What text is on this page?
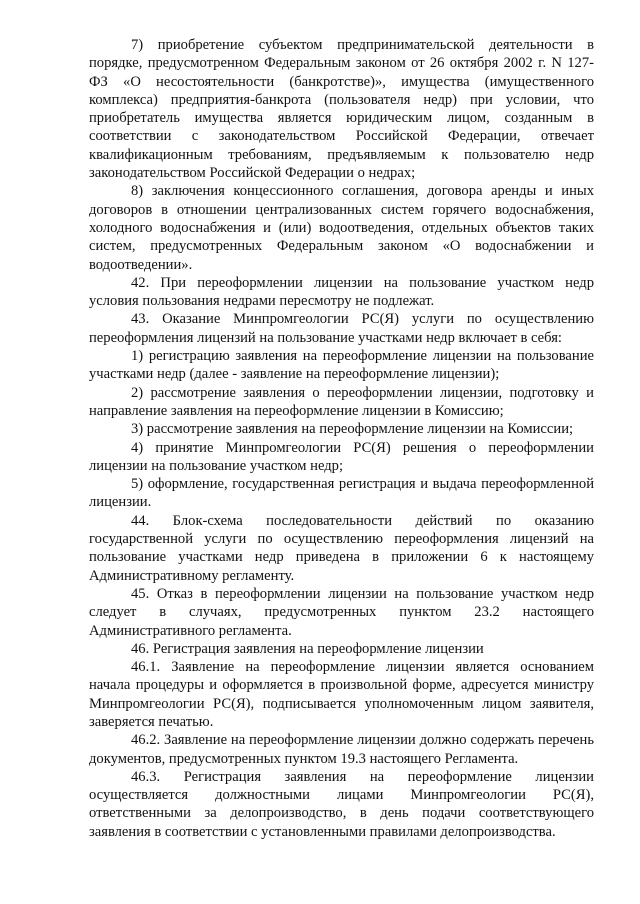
7) приобретение субъектом предпринимательской деятельности в порядке, предусмотренном Федеральным законом от 26 октября 2002 г. N 127-ФЗ «О несостоятельности (банкротстве)», имущества (имущественного комплекса) предприятия-банкрота (пользователя недр) при условии, что приобретатель имущества является юридическим лицом, созданным в соответствии с законодательством Российской Федерации, отвечает квалификационным требованиям, предъявляемым к пользователю недр законодательством Российской Федерации о недрах;

8) заключения концессионного соглашения, договора аренды и иных договоров в отношении централизованных систем горячего водоснабжения, холодного водоснабжения и (или) водоотведения, отдельных объектов таких систем, предусмотренных Федеральным законом «О водоснабжении и водоотведении».

42. При переоформлении лицензии на пользование участком недр условия пользования недрами пересмотру не подлежат.

43. Оказание Минпромгеологии РС(Я) услуги по осуществлению переоформления лицензий на пользование участками недр включает в себя:

1) регистрацию заявления на переоформление лицензии на пользование участками недр (далее - заявление на переоформление лицензии);

2) рассмотрение заявления о переоформлении лицензии, подготовку и направление заявления на переоформление лицензии в Комиссию;

3) рассмотрение заявления на переоформление лицензии на Комиссии;

4) принятие Минпромгеологии РС(Я) решения о переоформлении лицензии на пользование участком недр;

5) оформление, государственная регистрация и выдача переоформленной лицензии.

44. Блок-схема последовательности действий по оказанию государственной услуги по осуществлению переоформления лицензий на пользование участками недр приведена в приложении 6 к настоящему Административному регламенту.

45. Отказ в переоформлении лицензии на пользование участком недр следует в случаях, предусмотренных пунктом 23.2 настоящего Административного регламента.

46. Регистрация заявления на переоформление лицензии

46.1. Заявление на переоформление лицензии является основанием начала процедуры и оформляется в произвольной форме, адресуется министру Минпромгеологии РС(Я), подписывается уполномоченным лицом заявителя, заверяется печатью.

46.2. Заявление на переоформление лицензии должно содержать перечень документов, предусмотренных пунктом 19.3 настоящего Регламента.

46.3. Регистрация заявления на переоформление лицензии осуществляется должностными лицами Минпромгеологии РС(Я), ответственными за делопроизводство, в день подачи соответствующего заявления в соответствии с установленными правилами делопроизводства.
